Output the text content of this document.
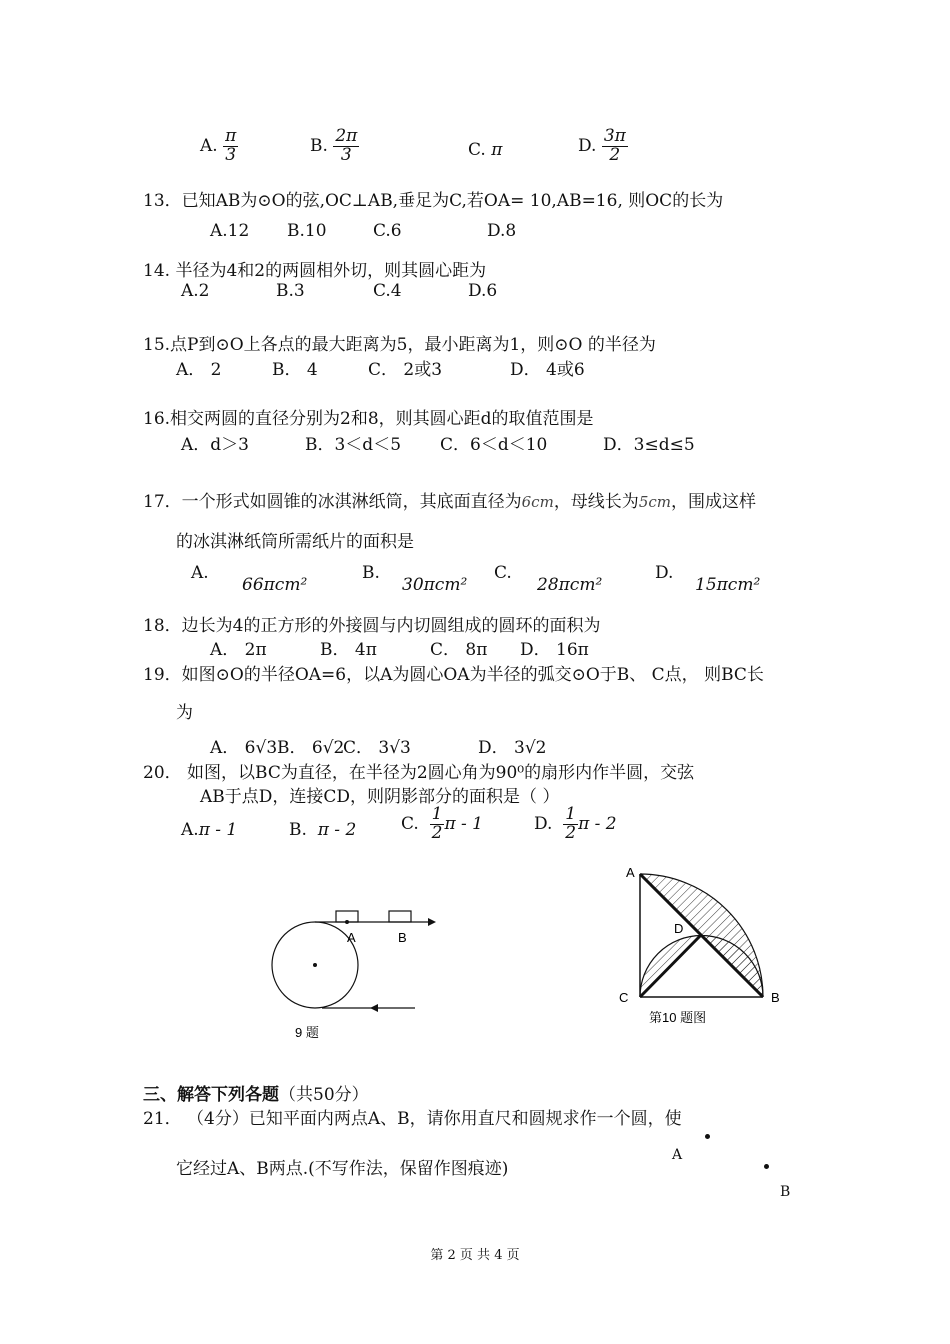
A. $\frac{\pi}{3}$	B. $\frac{2\pi}{3}$	C. π	D. $\frac{3\pi}{2}$
13．已知AB为⊙O的弦,OC⊥AB,垂足为C,若OA= 10,AB=16, 则OC的长为
A.12 B.10	C.6	D.8
14. 半径为4和2的两圆相外切，则其圆心距为
A.2	B.3	C.4	D.6
15.点P到⊙O上各点的最大距离为5，最小距离为1，则⊙O 的半径为
A． 2	B． 4	C． 2或3	D． 4或6
16.相交两圆的直径分别为2和8，则其圆心距d的取值范围是
A．d＞3	B．3＜d＜5 C．6＜d＜10	D．3≤d≤5
17．一个形式如圆锥的冰淇淋纸筒，其底面直径为6cm，母线长为5cm，围成这样
的冰淇淋纸筒所需纸片的面积是
A.
66πcm²
B.
30πcm²
C.
28πcm²
D.
15πcm²
18．边长为4的正方形的外接圆与内切圆组成的圆环的面积为
A． 2π	B． 4π	C． 8π D． 16π
19．如图⊙O的半径OA=6，以A为圆心OA为半径的弧交⊙O于B、 C点， 则BC长
为
A． 6√3 B． 6√2
C． 3√3	D． 3√2
20． 如图，以BC为直径，在半径为2圆心角为90⁰的扇形内作半圆，交弦
AB于点D，连接CD，则阴影部分的面积是（ ）
A.π - 1	B. π - 2	C. $\frac{1}{2}$ π - 1	D. $\frac{1}{2}$ π - 2
A	B
9 题
A
D
C	B
第10 题图
三、解答下列各题（共50分）
21． （4分）已知平面内两点A、B，请你用直尺和圆规求作一个圆，使
它经过A、B两点.(不写作法，保留作图痕迹)
A
B
第 2 页 共 4 页
